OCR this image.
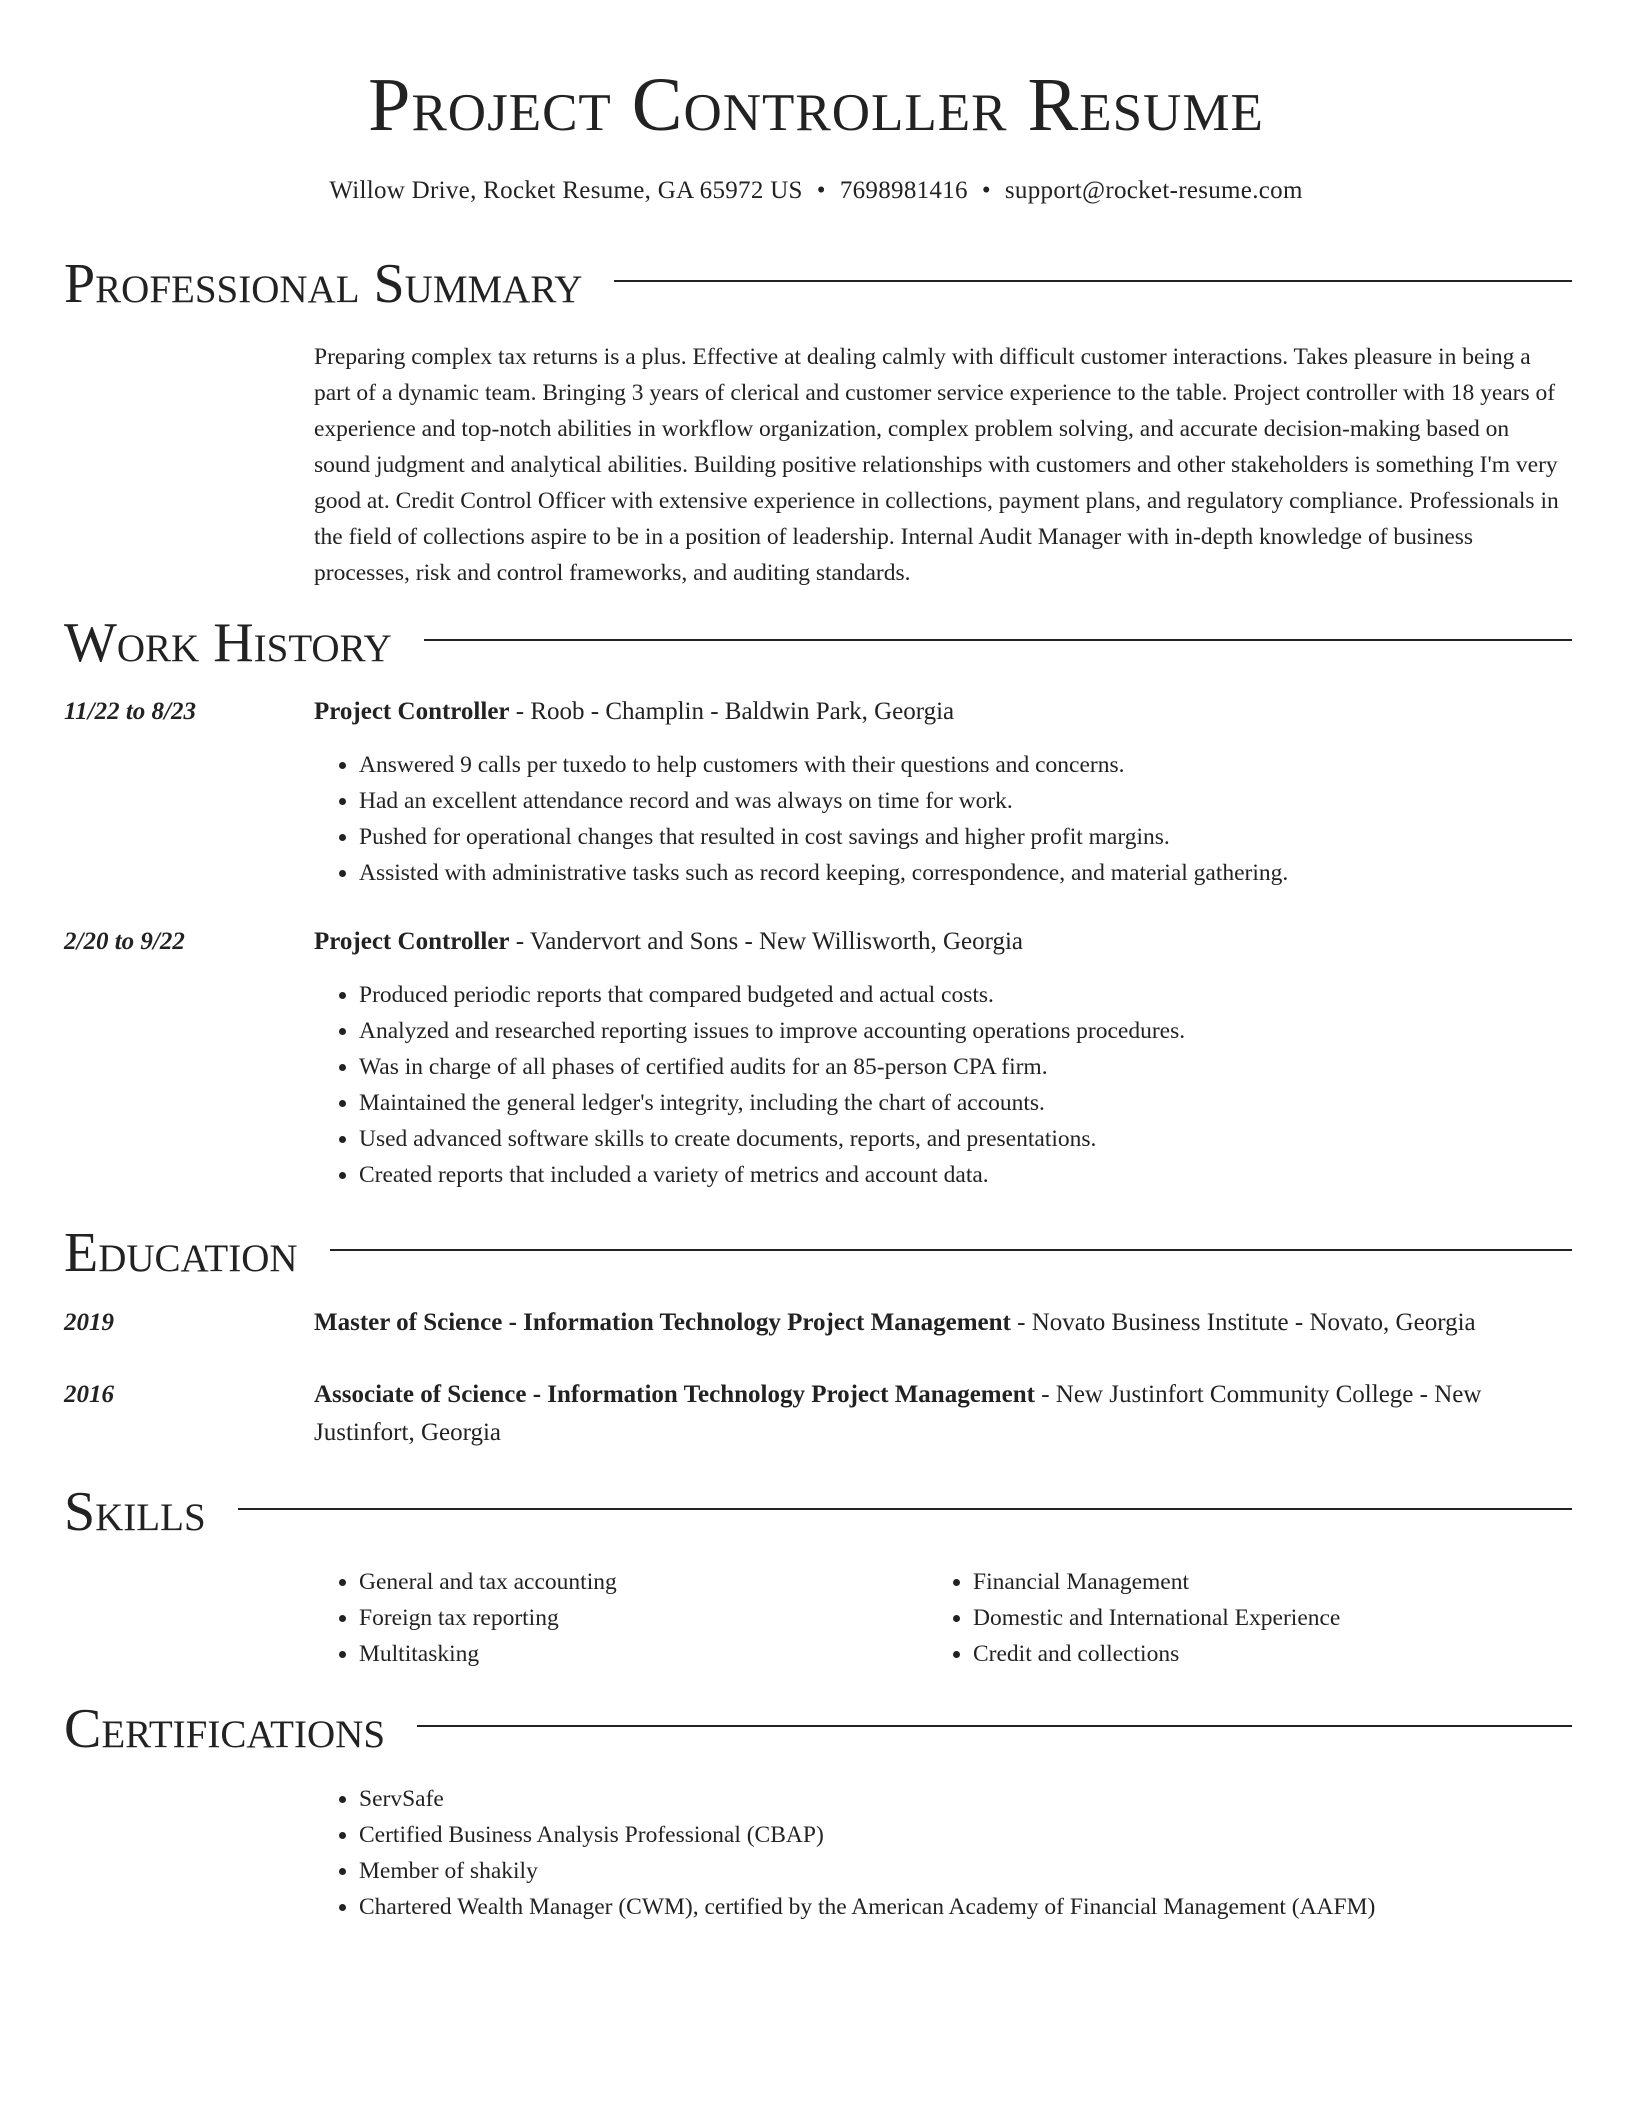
Project Controller Resume
Willow Drive, Rocket Resume, GA 65972 US • 7698981416 • support@rocket-resume.com
Professional Summary

Preparing complex tax returns is a plus. Effective at dealing calmly with difficult customer interactions. Takes pleasure in being a part of a dynamic team. Bringing 3 years of clerical and customer service experience to the table. Project controller with 18 years of experience and top-notch abilities in workflow organization, complex problem solving, and accurate decision-making based on sound judgment and analytical abilities. Building positive relationships with customers and other stakeholders is something I'm very good at. Credit Control Officer with extensive experience in collections, payment plans, and regulatory compliance. Professionals in the field of collections aspire to be in a position of leadership. Internal Audit Manager with in-depth knowledge of business processes, risk and control frameworks, and auditing standards.

Work History
11/22 to 8/23	Project Controller - Roob - Champlin - Baldwin Park, Georgia
• Answered 9 calls per tuxedo to help customers with their questions and concerns.
• Had an excellent attendance record and was always on time for work.
• Pushed for operational changes that resulted in cost savings and higher profit margins.
• Assisted with administrative tasks such as record keeping, correspondence, and material gathering.
2/20 to 9/22	Project Controller - Vandervort and Sons - New Willisworth, Georgia
• Produced periodic reports that compared budgeted and actual costs.
• Analyzed and researched reporting issues to improve accounting operations procedures.
• Was in charge of all phases of certified audits for an 85-person CPA firm.
• Maintained the general ledger's integrity, including the chart of accounts.
• Used advanced software skills to create documents, reports, and presentations.
• Created reports that included a variety of metrics and account data.
Education
2019	Master of Science - Information Technology Project Management - Novato Business Institute - Novato, Georgia
2016	Associate of Science - Information Technology Project Management - New Justinfort Community College - New Justinfort, Georgia
Skills
• General and tax accounting
• Foreign tax reporting
• Multitasking
• Financial Management
• Domestic and International Experience
• Credit and collections
Certifications
• ServSafe
• Certified Business Analysis Professional (CBAP)
• Member of shakily
• Chartered Wealth Manager (CWM), certified by the American Academy of Financial Management (AAFM)
